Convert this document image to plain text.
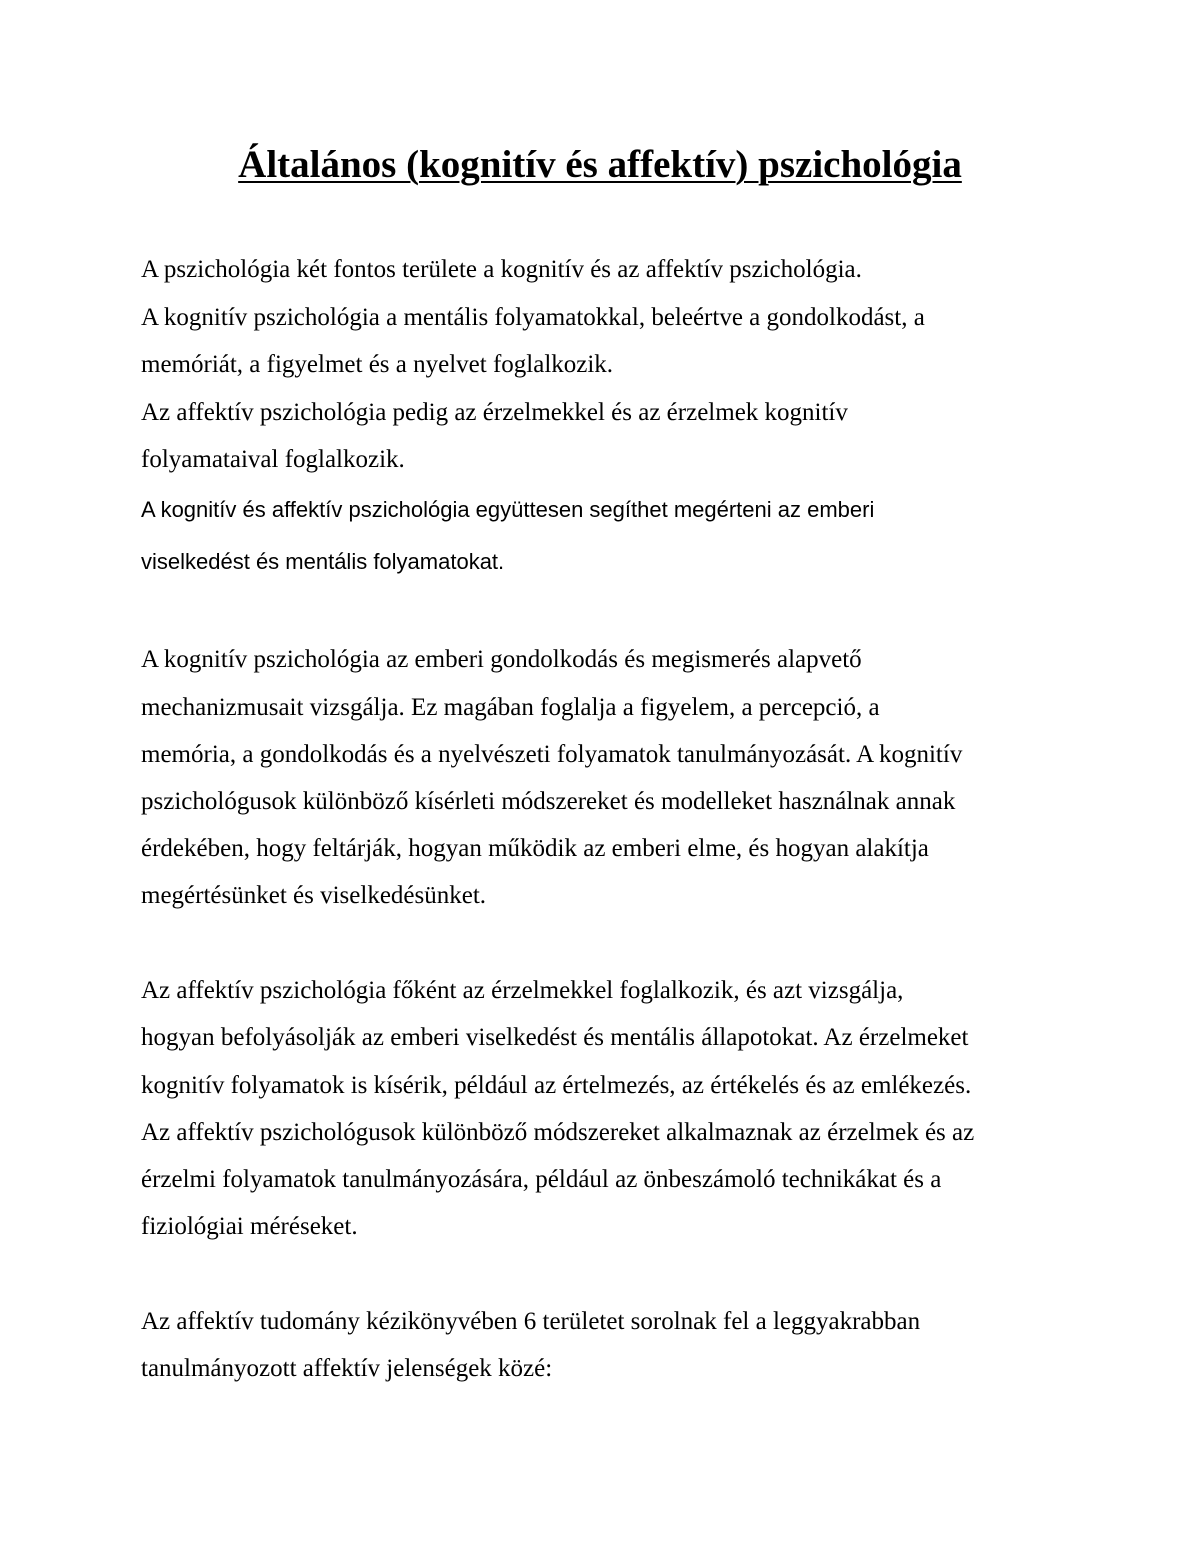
Általános (kognitív és affektív) pszichológia

A pszichológia két fontos területe a kognitív és az affektív pszichológia.

A kognitív pszichológia a mentális folyamatokkal, beleértve a gondolkodást, a

memóriát, a figyelmet és a nyelvet foglalkozik.

Az affektív pszichológia pedig az érzelmekkel és az érzelmek kognitív

folyamataival foglalkozik.

A kognitív és affektív pszichológia együttesen segíthet megérteni az emberi

viselkedést és mentális folyamatokat.

A kognitív pszichológia az emberi gondolkodás és megismerés alapvető

mechanizmusait vizsgálja. Ez magában foglalja a figyelem, a percepció, a

memória, a gondolkodás és a nyelvészeti folyamatok tanulmányozását. A kognitív

pszichológusok különböző kísérleti módszereket és modelleket használnak annak

érdekében, hogy feltárják, hogyan működik az emberi elme, és hogyan alakítja

megértésünket és viselkedésünket.

Az affektív pszichológia főként az érzelmekkel foglalkozik, és azt vizsgálja,

hogyan befolyásolják az emberi viselkedést és mentális állapotokat. Az érzelmeket

kognitív folyamatok is kísérik, például az értelmezés, az értékelés és az emlékezés.

Az affektív pszichológusok különböző módszereket alkalmaznak az érzelmek és az

érzelmi folyamatok tanulmányozására, például az önbeszámoló technikákat és a

fiziológiai méréseket.

Az affektív tudomány kézikönyvében 6 területet sorolnak fel a leggyakrabban

tanulmányozott affektív jelenségek közé:
